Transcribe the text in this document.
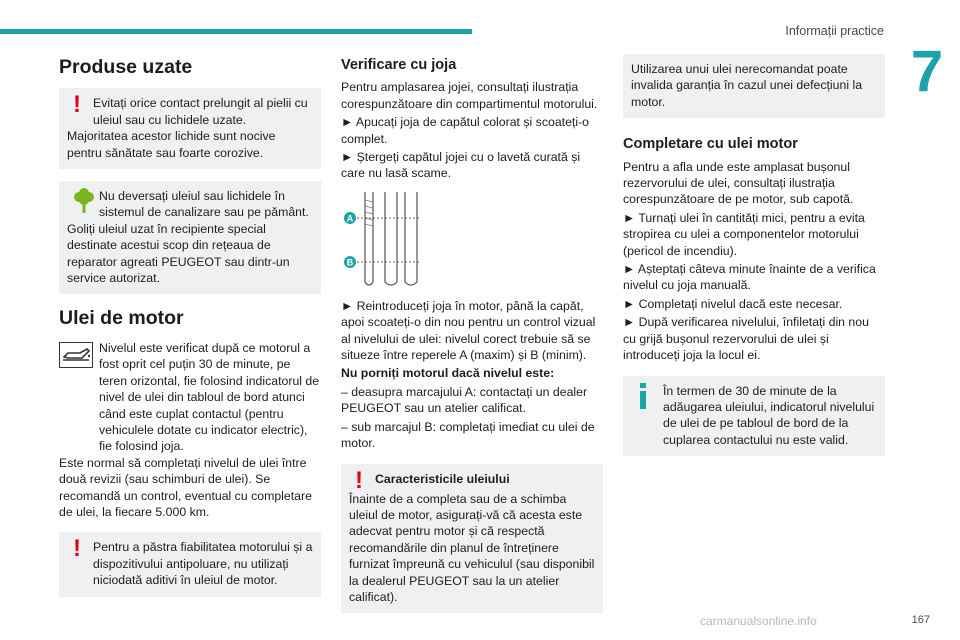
Informații practice
7
Produse uzate
! Evitați orice contact prelungit al pielii cu uleiul sau cu lichidele uzate.

Majoritatea acestor lichide sunt nocive pentru sănătate sau foarte corozive.

Nu deversați uleiul sau lichidele în sistemul de canalizare sau pe pământ.

Goliți uleiul uzat în recipiente special destinate acestui scop din rețeaua de reparator agreati PEUGEOT sau dintr-un service autorizat.

Ulei de motor

Nivelul este verificat după ce motorul a fost oprit cel puțin 30 de minute, pe teren orizontal, fie folosind indicatorul de nivel de ulei din tabloul de bord atunci când este cuplat contactul (pentru vehiculele dotate cu indicator electric), fie folosind joja.

Este normal să completați nivelul de ulei între două revizii (sau schimburi de ulei). Se recomandă un control, eventual cu completare de ulei, la fiecare 5.000 km.

! Pentru a păstra fiabilitatea motorului și a dispozitivului antipoluare, nu utilizați niciodată aditivi în uleiul de motor.

Verificare cu joja

Pentru amplasarea jojei, consultați ilustrația corespunzătoare din compartimentul motorului.

► Apucați joja de capătul colorat și scoateți-o complet.

► Ștergeți capătul jojei cu o lavetă curată și care nu lasă scame.

A
B

► Reintroduceți joja în motor, până la capăt, apoi scoateți-o din nou pentru un control vizual al nivelului de ulei: nivelul corect trebuie să se situeze între reperele A (maxim) și B (minim).

Nu porniți motorul dacă nivelul este:

– deasupra marcajului A: contactați un dealer PEUGEOT sau un atelier calificat.

– sub marcajul B: completați imediat cu ulei de motor.

! Caracteristicile uleiului

Înainte de a completa sau de a schimba uleiul de motor, asigurați-vă că acesta este adecvat pentru motor și că respectă recomandările din planul de întreținere furnizat împreună cu vehiculul (sau disponibil la dealerul PEUGEOT sau la un atelier calificat).

Utilizarea unui ulei nerecomandat poate invalida garanția în cazul unei defecțiuni la motor.

Completare cu ulei motor

Pentru a afla unde este amplasat bușonul rezervorului de ulei, consultați ilustrația corespunzătoare de pe motor, sub capotă.

► Turnați ulei în cantități mici, pentru a evita stropirea cu ulei a componentelor motorului (pericol de incendiu).

► Așteptați câteva minute înainte de a verifica nivelul cu joja manuală.

► Completați nivelul dacă este necesar.

► După verificarea nivelului, înfiletați din nou cu grijă bușonul rezervorului de ulei și introduceți joja la locul ei.

În termen de 30 de minute de la adăugarea uleiului, indicatorul nivelului de ulei de pe tabloul de bord de la cuplarea contactului nu este valid.

carmanualsonline.info	167
